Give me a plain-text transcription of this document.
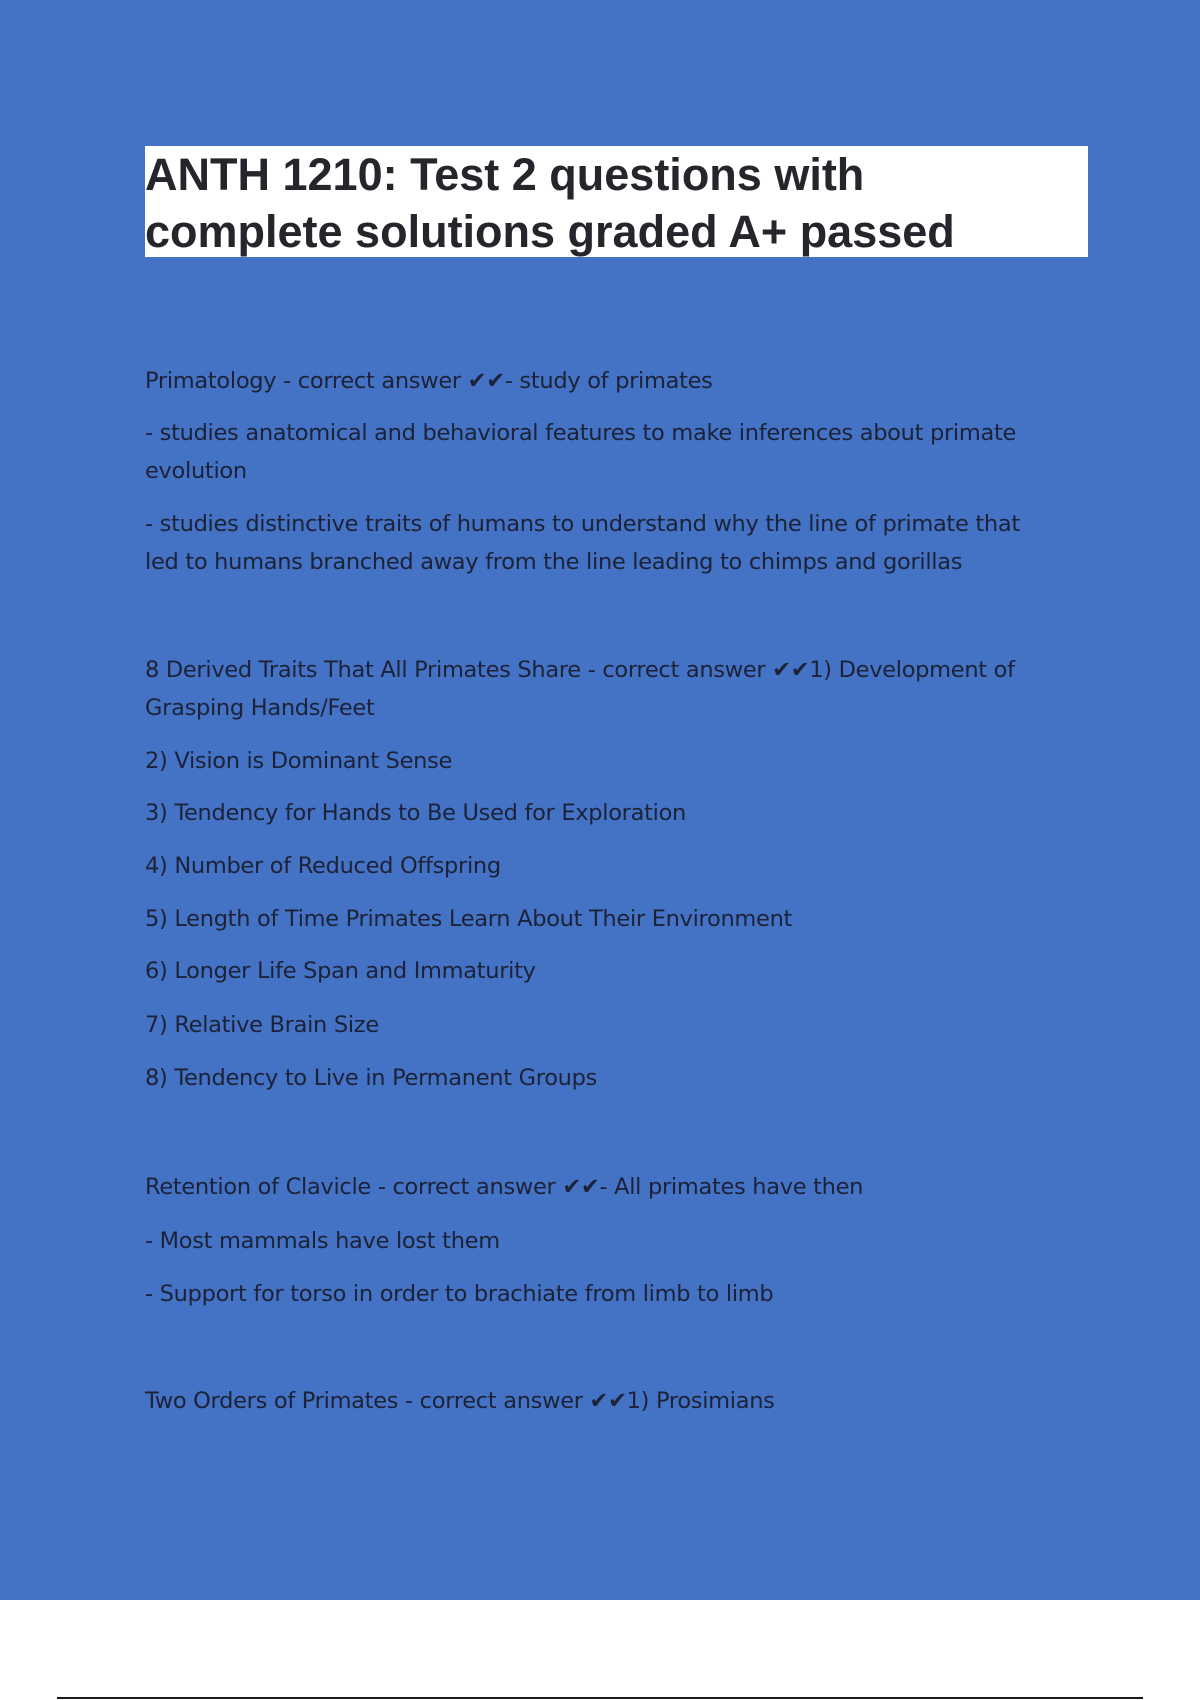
ANTH 1210: Test 2 questions with
complete solutions graded A+ passed

Primatology - correct answer ✔✔- study of primates

- studies anatomical and behavioral features to make inferences about primate
evolution

- studies distinctive traits of humans to understand why the line of primate that
led to humans branched away from the line leading to chimps and gorillas

8 Derived Traits That All Primates Share - correct answer ✔✔1) Development of
Grasping Hands/Feet

2) Vision is Dominant Sense

3) Tendency for Hands to Be Used for Exploration

4) Number of Reduced Offspring

5) Length of Time Primates Learn About Their Environment

6) Longer Life Span and Immaturity

7) Relative Brain Size

8) Tendency to Live in Permanent Groups

Retention of Clavicle - correct answer ✔✔- All primates have then

- Most mammals have lost them

- Support for torso in order to brachiate from limb to limb

Two Orders of Primates - correct answer ✔✔1) Prosimians
